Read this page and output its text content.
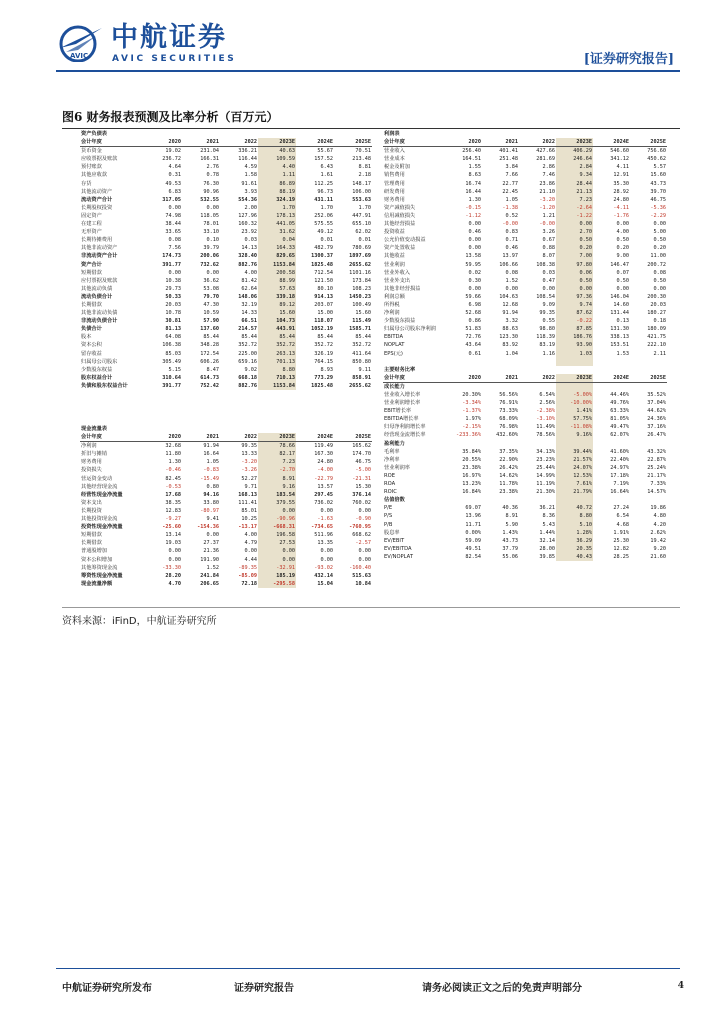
AVIC
中航证券
AVIC SECURITIES	[证券研究报告]
图6 财务报表预测及比率分析（百万元）
资产负债表						
会计年度	2020	2021	2022	2023E	2024E	2025E
货币资金	19.02	231.04	336.21	40.63	55.67	70.51
应收票据及账款	236.72	166.31	116.44	109.59	157.52	213.48
预付账款	4.64	2.76	4.59	4.40	6.43	8.81
其他应收款	0.31	0.78	1.58	1.11	1.61	2.18
存货	49.53	76.30	91.61	86.89	112.25	148.17
其他流动资产	6.83	90.96	3.93	88.19	96.73	106.00
流动资产合计	317.05	532.55	554.36	324.19	431.11	553.63
长期股权投资	0.00	0.00	2.00	1.70	1.70	1.70
固定资产	74.98	118.05	127.96	178.13	252.06	447.91
在建工程	38.44	78.01	160.32	441.05	575.55	655.10
无形资产	33.65	33.10	23.92	31.62	49.12	62.02
长期待摊费用	0.08	0.10	0.03	0.04	0.01	0.01
其他非流动资产	7.56	39.79	14.13	164.33	482.79	780.69
非流动资产合计	174.73	200.06	328.40	829.65	1300.37	1897.69
资产合计	391.77	732.62	882.76	1153.84	1825.48	2655.62
短期借款	0.00	0.00	4.00	200.58	712.54	1101.16
应付票据及账款	10.38	36.62	81.42	88.99	121.50	173.84
其他流动负债	29.73	53.08	62.64	57.63	80.10	108.23
流动负债合计	50.33	79.70	148.06	339.18	914.13	1450.23
长期借款	20.03	47.30	32.19	89.12	203.07	100.49
其他非流动负债	10.78	10.59	14.33	15.60	15.00	15.60
非流动负债合计	30.81	57.90	66.51	104.73	118.07	115.49
负债合计	81.13	137.60	214.57	443.91	1052.19	1585.71
股本	64.08	85.44	85.44	85.44	85.44	85.44
资本公积	106.38	348.28	352.72	352.72	352.72	352.72
留存收益	85.03	172.54	225.00	263.13	326.19	411.64
归属母公司股东	305.49	606.26	659.16	701.13	764.15	850.80
少数股东权益	5.15	8.47	9.02	8.80	8.93	9.11
股东权益合计	310.64	614.73	668.18	710.13	773.29	858.91
负债和股东权益合计	391.77	752.42	882.76	1153.84	1825.48	2655.62
现金流量表						
会计年度	2020	2021	2022	2023E	2024E	2025E
净利润	32.68	91.94	99.35	78.66	119.49	165.62
折旧与摊销	11.80	16.64	13.33	82.17	167.30	174.70
财务费用	1.30	1.05	-3.20	7.23	24.80	46.75
投资损失	-0.46	-0.83	-3.26	-2.70	-4.00	-5.00
营运资金变动	82.45	-15.49	52.27	8.91	-22.79	-21.31
其他经营现金流	-0.53	0.80	9.71	9.16	13.57	15.30
经营性现金净流量	17.68	94.16	168.13	183.54	297.45	376.14
资本支出	38.35	33.80	111.41	379.55	736.02	760.02
长期投资	12.83	-80.97	85.01	0.00	0.00	0.00
其他投资现金流	-9.27	9.41	10.25	-90.96	-1.63	-0.90
投资性现金净流量	-25.60	-154.36	-13.17	-668.31	-734.65	-760.95
短期借款	13.14	0.00	4.00	196.58	511.96	668.62
长期借款	19.03	27.37	4.79	27.53	13.35	-2.57
普通股增加	0.00	21.36	0.00	0.00	0.00	0.00
资本公积增加	0.00	191.90	4.44	0.00	0.00	0.00
其他筹资现金流	-33.30	1.52	-89.35	-32.91	-93.02	-160.40
筹资性现金净流量	28.20	241.84	-85.09	185.19	432.14	515.63
现金流量净额	4.70	206.65	72.18	-295.58	15.04	10.84
利润表						
会计年度	2020	2021	2022	2023E	2024E	2025E
营业收入	256.40	401.41	427.66	406.29	546.60	756.60
营业成本	164.51	251.48	281.69	246.64	341.12	450.62
税金及附加	1.55	3.84	2.86	2.84	4.11	5.57
销售费用	8.63	7.66	7.46	9.34	12.91	15.60
管理费用	16.74	22.77	23.86	28.44	35.30	43.73
研发费用	16.44	22.45	21.10	21.13	28.92	39.70
财务费用	1.30	1.05	-3.20	7.23	24.80	46.75
资产减值损失	-0.15	-1.38	-1.20	-2.64	-4.11	-5.36
信用减值损失	-1.12	0.52	1.21	-1.22	-1.76	-2.29
其他经营损益	0.00	-0.00	-0.00	0.00	0.00	0.00
投资收益	0.46	0.83	3.26	2.70	4.00	5.00
公允价值变动损益	0.00	0.71	0.67	0.50	0.50	0.50
资产处置收益	0.00	0.46	0.88	0.20	0.20	0.20
其他收益	13.58	13.97	8.07	7.00	9.00	11.00
营业利润	59.95	106.66	108.38	97.80	146.47	200.72
营业外收入	0.02	0.08	0.03	0.06	0.07	0.08
营业外支出	0.30	1.52	0.47	0.50	0.50	0.50
其他非经营损益	0.00	0.00	0.00	0.00	0.00	0.00
利润总额	59.66	104.63	108.54	97.36	146.04	200.30
所得税	6.98	12.68	9.09	9.74	14.60	20.03
净利润	52.68	91.94	99.35	87.62	131.44	180.27
少数股东损益	0.86	3.32	0.55	-0.22	0.13	0.18
归属母公司股东净利润	51.83	88.63	98.80	87.85	131.30	180.09
EBITDA	72.76	123.30	118.39	186.76	338.13	421.75
NOPLAT	43.64	83.92	83.19	93.90	153.51	222.10
EPS(元)	0.61	1.04	1.16	1.03	1.53	2.11

主要财务比率						
会计年度	2020	2021	2022	2023E	2024E	2025E
成长能力						
营业收入增长率	20.30%	56.56%	6.54%	-5.00%	44.46%	35.52%
营业利润增长率	-3.34%	76.91%	2.56%	-10.00%	49.76%	37.04%
EBIT增长率	-1.37%	73.33%	-2.38%	1.41%	63.33%	44.62%
EBITDA增长率	1.97%	68.09%	-3.10%	57.75%	81.05%	24.36%
归母净利润增长率	-2.15%	76.98%	11.49%	-11.08%	49.47%	37.16%
经营现金流增长率	-233.36%	432.60%	78.56%	9.16%	62.07%	26.47%
盈利能力						
毛利率	35.84%	37.35%	34.13%	39.44%	41.60%	43.32%
净利率	20.55%	22.90%	23.23%	21.57%	22.40%	22.87%
营业利润率	23.38%	26.42%	25.44%	24.07%	24.97%	25.24%
ROE	16.97%	14.62%	14.99%	12.53%	17.18%	21.17%
ROA	13.23%	11.78%	11.19%	7.61%	7.19%	7.33%
ROIC	16.84%	23.38%	21.30%	21.79%	16.64%	14.57%
估值倍数						
P/E	69.07	40.36	36.21	40.72	27.24	19.86
P/S	13.96	8.91	8.36	8.80	6.54	4.80
P/B	11.71	5.90	5.43	5.10	4.68	4.20
股息率	0.00%	1.43%	1.44%	1.28%	1.91%	2.62%
EV/EBIT	59.09	43.73	32.14	36.29	25.30	19.42
EV/EBITDA	49.51	37.79	28.00	20.35	12.82	9.20
EV/NOPLAT	82.54	55.06	39.85	40.43	28.25	21.60
资料来源：iFinD，中航证券研究所
中航证券研究所发布	证券研究报告	请务必阅读正文之后的免责声明部分	4
